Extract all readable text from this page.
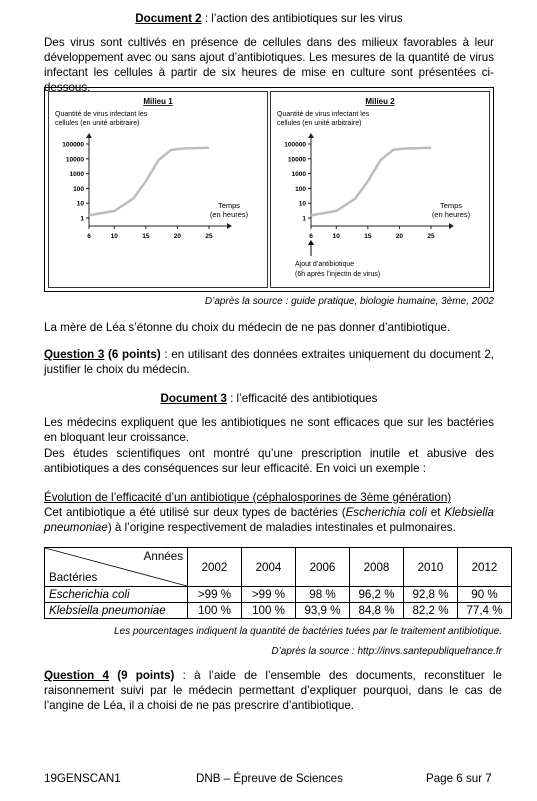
Document 2 : l’action des antibiotiques sur les virus
Des virus sont cultivés en présence de cellules dans des milieux favorables à leur développement avec ou sans ajout d’antibiotiques. Les mesures de la quantité de virus infectant les cellules à partir de six heures de mise en culture sont présentées ci-dessous.
Milieu 1
Quantité de virus infectant les
cellules (en unité arbitraire)
1
10
100
1000
10000
100000
6	10	15	20	25
Temps
(en heures)
Milieu 2
Quantité de virus infectant les
cellules (en unité arbitraire)
1
10
100
1000
10000
100000
6	10	15	20	25
Temps
(en heures)
Ajout d’antibiotique
(6h après l’injectin de virus)
D’après la source : guide pratique, biologie humaine, 3ème, 2002
La mère de Léa s’étonne du choix du médecin de ne pas donner d’antibiotique.
Question 3 (6 points) : en utilisant des données extraites uniquement du document 2, justifier le choix du médecin.
Document 3 : l’efficacité des antibiotiques
Les médecins expliquent que les antibiotiques ne sont efficaces que sur les bactéries en bloquant leur croissance.
Des études scientifiques ont montré qu’une prescription inutile et abusive des antibiotiques a des conséquences sur leur efficacité. En voici un exemple :
Évolution de l’efficacité d’un antibiotique (céphalosporines de 3ème génération)
Cet antibiotique a été utilisé sur deux types de bactéries (Escherichia coli et Klebsiella pneumoniae) à l’origine respectivement de maladies intestinales et pulmonaires.
Années
Bactéries	2002	2004	2006	2008	2010	2012
Escherichia coli	>99 %	>99 %	98 %	96,2 %	92,8 %	90 %
Klebsiella pneumoniae	100 %	100 %	93,9 %	84,8 %	82,2 %	77,4 %
Les pourcentages indiquent la quantité de bactéries tuées par le traitement antibiotique.
D’après la source : http://invs.santepubliquefrance.fr
Question 4 (9 points) : à l’aide de l’ensemble des documents, reconstituer le raisonnement suivi par le médecin permettant d’expliquer pourquoi, dans le cas de l’angine de Léa, il a choisi de ne pas prescrire d’antibiotique.
19GENSCAN1	DNB – Épreuve de Sciences	Page 6 sur 7
